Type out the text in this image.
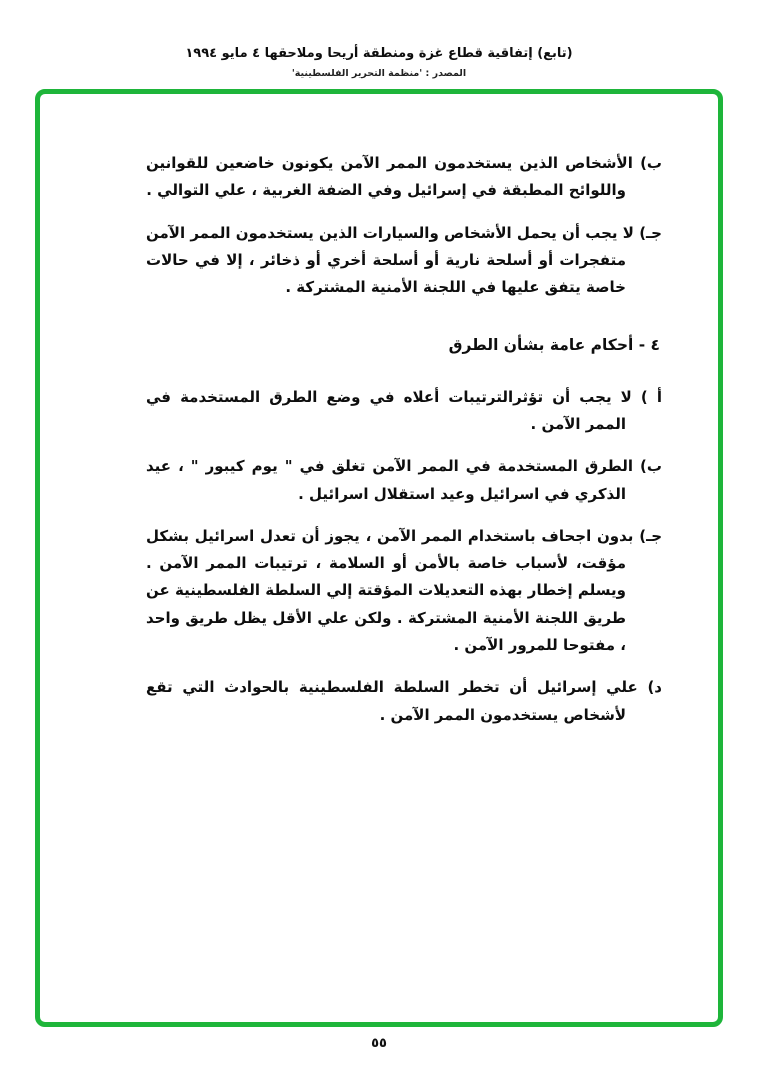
(تابع) إتفاقية قطاع غزة ومنطقة أريحا وملاحقها ٤ مايو ١٩٩٤
المصدر : 'منظمة التحرير الفلسطينية'
ب) الأشخاص الذين يستخدمون الممر الآمن يكونون خاضعين للقوانين واللوائح المطبقة في إسرائيل وفي الضفة الغربية ، علي التوالي .
جـ) لا يجب أن يحمل الأشخاص والسيارات الذين يستخدمون الممر الآمن متفجرات أو أسلحة نارية أو أسلحة أخري أو ذخائر ، إلا في حالات خاصة يتفق عليها في اللجنة الأمنية المشتركة .
٤ - أحكام عامة بشأن الطرق
أ ) لا يجب أن تؤثرالترتيبات أعلاه في وضع الطرق المستخدمة في الممر الآمن .
ب) الطرق المستخدمة في الممر الآمن تغلق في " يوم كيبور " ، عيد الذكري في اسرائيل وعيد استقلال اسرائيل .
جـ) بدون اجحاف باستخدام الممر الآمن ، يجوز أن تعدل اسرائيل بشكل مؤقت، لأسباب خاصة بالأمن أو السلامة ، ترتيبات الممر الآمن . ويسلم إخطار بهذه التعديلات المؤقتة إلي السلطة الفلسطينية عن طريق اللجنة الأمنية المشتركة . ولكن علي الأقل يظل طريق واحد ، مفتوحا للمرور الآمن .
د) علي إسرائيل أن تخطر السلطة الفلسطينية بالحوادث التي تقع لأشخاص يستخدمون الممر الآمن .
٥٥
